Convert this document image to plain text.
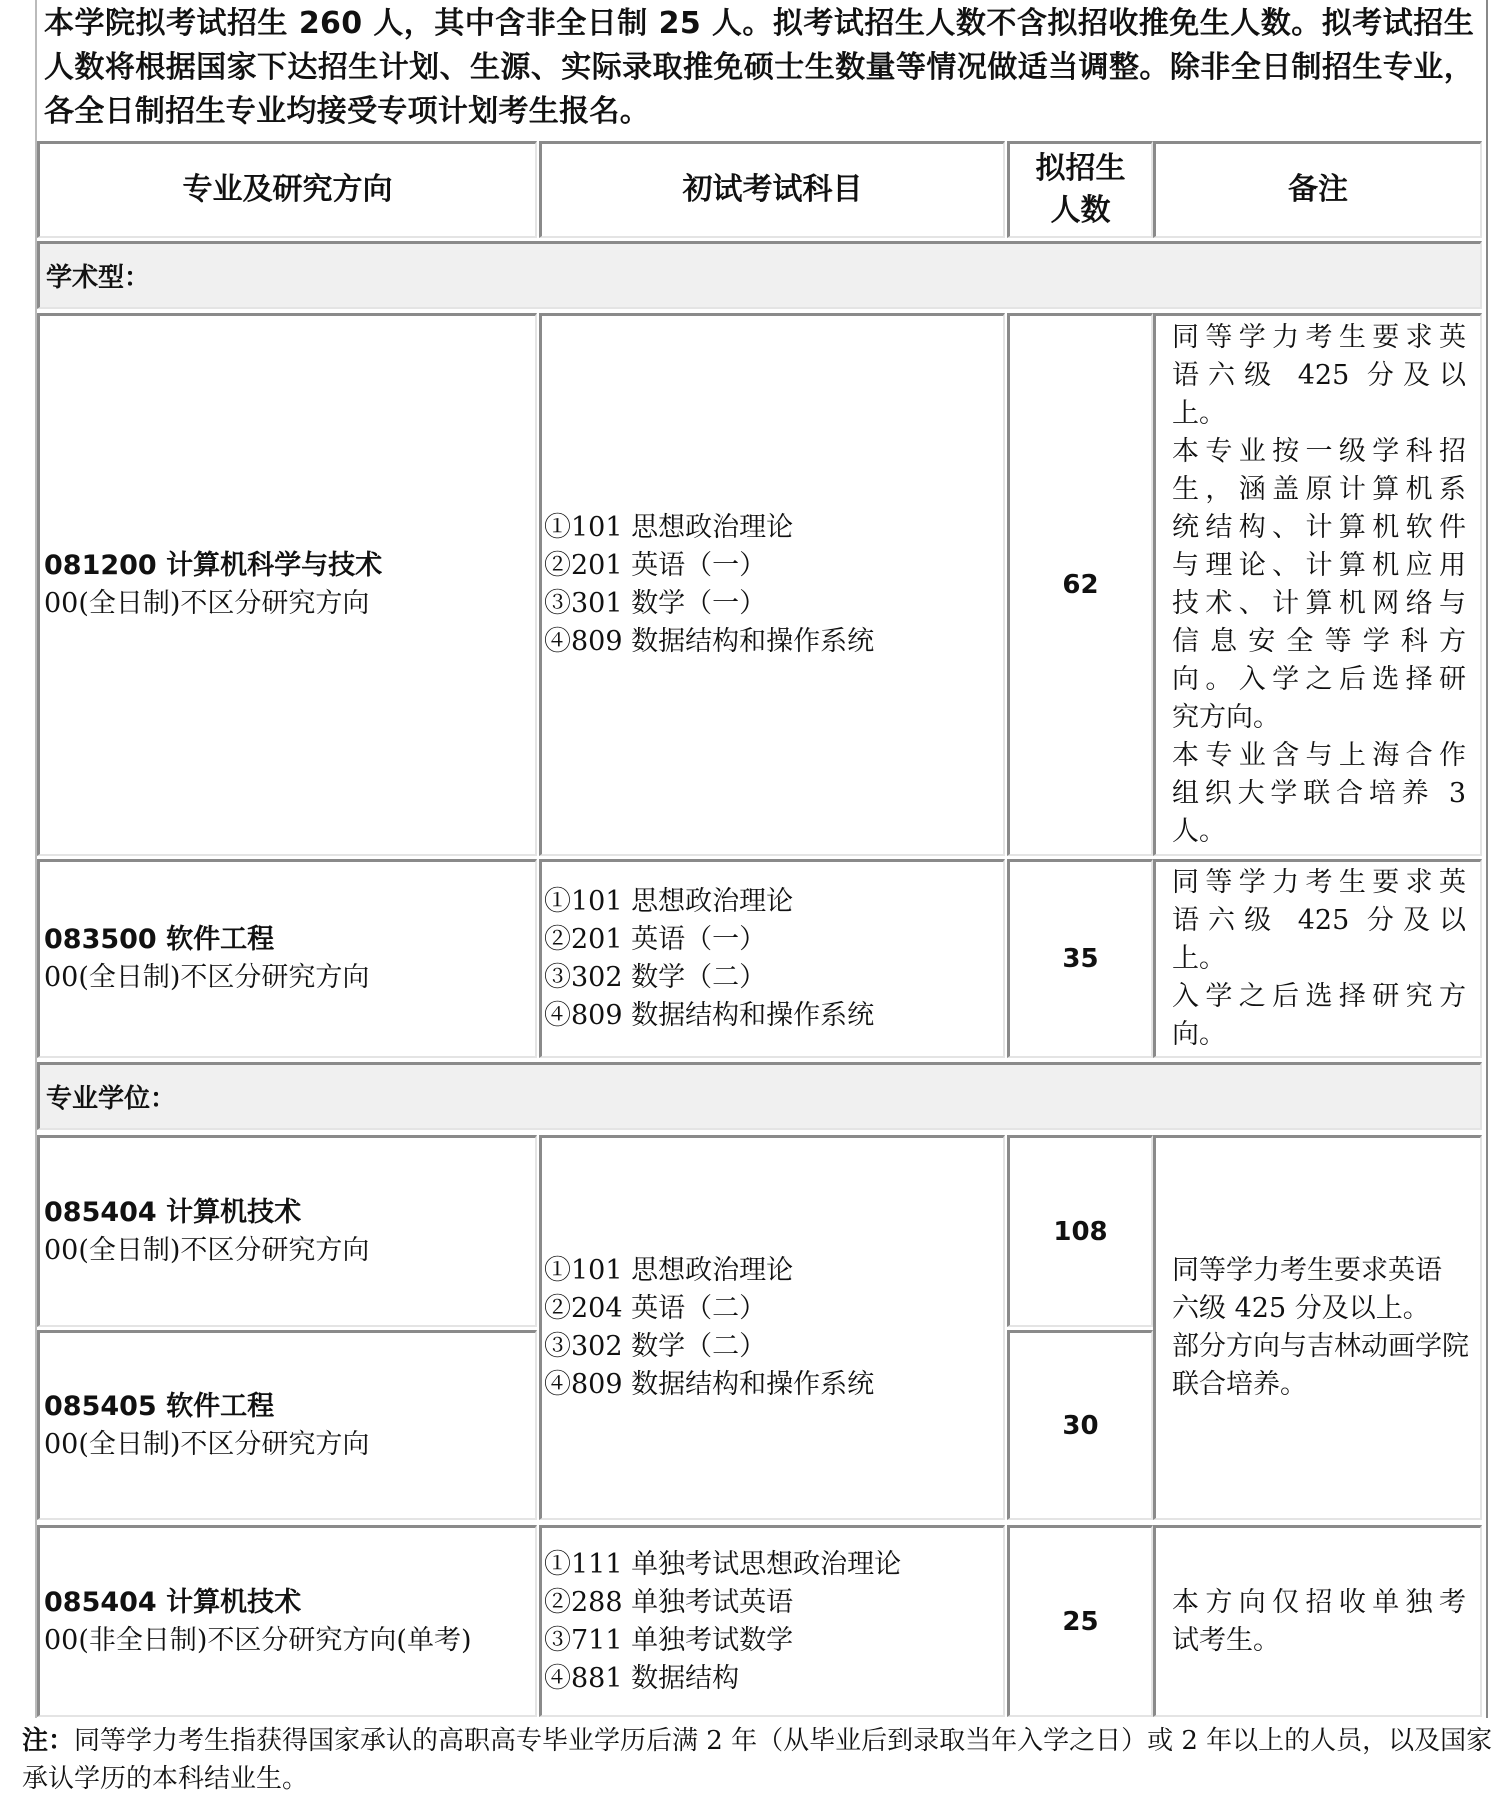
本学院拟考试招生 260 人，其中含非全日制 25 人。拟考试招生人数不含拟招收推免生人数。拟考试招生人数将根据国家下达招生计划、生源、实际录取推免硕士生数量等情况做适当调整。除非全日制招生专业，各全日制招生专业均接受专项计划考生报名。
专业及研究方向	初试考试科目
拟招生人数
备注
学术型：
专业学位：
081200 计算机科学与技术
00(全日制)不区分研究方向
①101 思想政治理论
②201 英语（一）
③301 数学（一）
④809 数据结构和操作系统
62
同等学力考生要求英
语六级 425 分及以
上。
本专业按一级学科招
生，涵盖原计算机系
统结构、计算机软件
与理论、计算机应用
技术、计算机网络与
信息安全等学科方
向。入学之后选择研
究方向。
本专业含与上海合作
组织大学联合培养 3
人。
083500 软件工程
00(全日制)不区分研究方向
①101 思想政治理论
②201 英语（一）
③302 数学（二）
④809 数据结构和操作系统
35
同等学力考生要求英
语六级 425 分及以
上。
入学之后选择研究方
向。
085404 计算机技术
00(全日制)不区分研究方向
①101 思想政治理论
②204 英语（二）
③302 数学（二）
④809 数据结构和操作系统
108
同等学力考生要求英语
六级 425 分及以上。
部分方向与吉林动画学院
联合培养。
085405 软件工程
00(全日制)不区分研究方向
30
085404 计算机技术
00(非全日制)不区分研究方向(单考)
①111 单独考试思想政治理论
②288 单独考试英语
③711 单独考试数学
④881 数据结构
25
本方向仅招收单独考
试考生。
注：同等学力考生指获得国家承认的高职高专毕业学历后满 2 年（从毕业后到录取当年入学之日）或 2 年以上的人员，以及国家承认学历的本科结业生。
